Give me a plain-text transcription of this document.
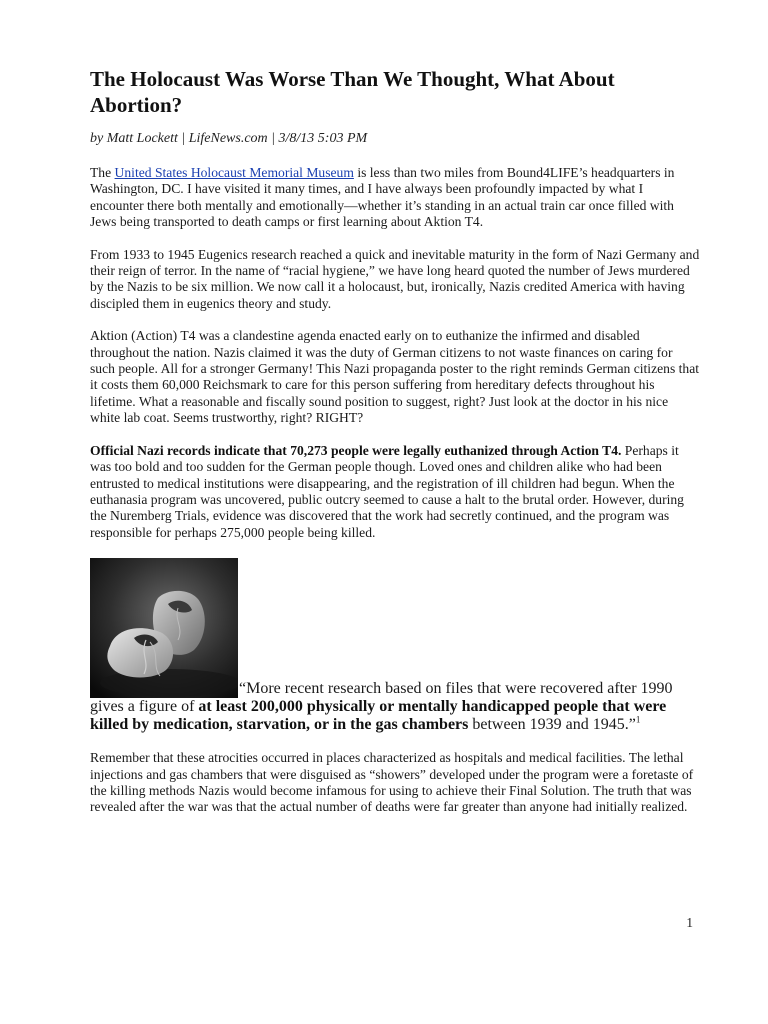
The Holocaust Was Worse Than We Thought, What About Abortion?
by Matt Lockett | LifeNews.com | 3/8/13 5:03 PM

The United States Holocaust Memorial Museum is less than two miles from Bound4LIFE’s headquarters in Washington, DC. I have visited it many times, and I have always been profoundly impacted by what I encounter there both mentally and emotionally—whether it’s standing in an actual train car once filled with Jews being transported to death camps or first learning about Aktion T4.

From 1933 to 1945 Eugenics research reached a quick and inevitable maturity in the form of Nazi Germany and their reign of terror. In the name of “racial hygiene,” we have long heard quoted the number of Jews murdered by the Nazis to be six million. We now call it a holocaust, but, ironically, Nazis credited America with having discipled them in eugenics theory and study.

Aktion (Action) T4 was a clandestine agenda enacted early on to euthanize the infirmed and disabled throughout the nation. Nazis claimed it was the duty of German citizens to not waste finances on caring for such people. All for a stronger Germany! This Nazi propaganda poster to the right reminds German citizens that it costs them 60,000 Reichsmark to care for this person suffering from hereditary defects throughout his lifetime. What a reasonable and fiscally sound position to suggest, right? Just look at the doctor in his nice white lab coat. Seems trustworthy, right? RIGHT?

Official Nazi records indicate that 70,273 people were legally euthanized through Action T4. Perhaps it was too bold and too sudden for the German people though. Loved ones and children alike who had been entrusted to medical institutions were disappearing, and the registration of ill children had begun. When the euthanasia program was uncovered, public outcry seemed to cause a halt to the brutal order. However, during the Nuremberg Trials, evidence was discovered that the work had secretly continued, and the program was responsible for perhaps 275,000 people being killed.

“More recent research based on files that were recovered after 1990 gives a figure of at least 200,000 physically or mentally handicapped people that were killed by medication, starvation, or in the gas chambers between 1939 and 1945.”$^1$

Remember that these atrocities occurred in places characterized as hospitals and medical facilities. The lethal injections and gas chambers that were disguised as “showers” developed under the program were a foretaste of the killing methods Nazis would become infamous for using to achieve their Final Solution. The truth that was revealed after the war was that the actual number of deaths were far greater than anyone had initially realized.

1
